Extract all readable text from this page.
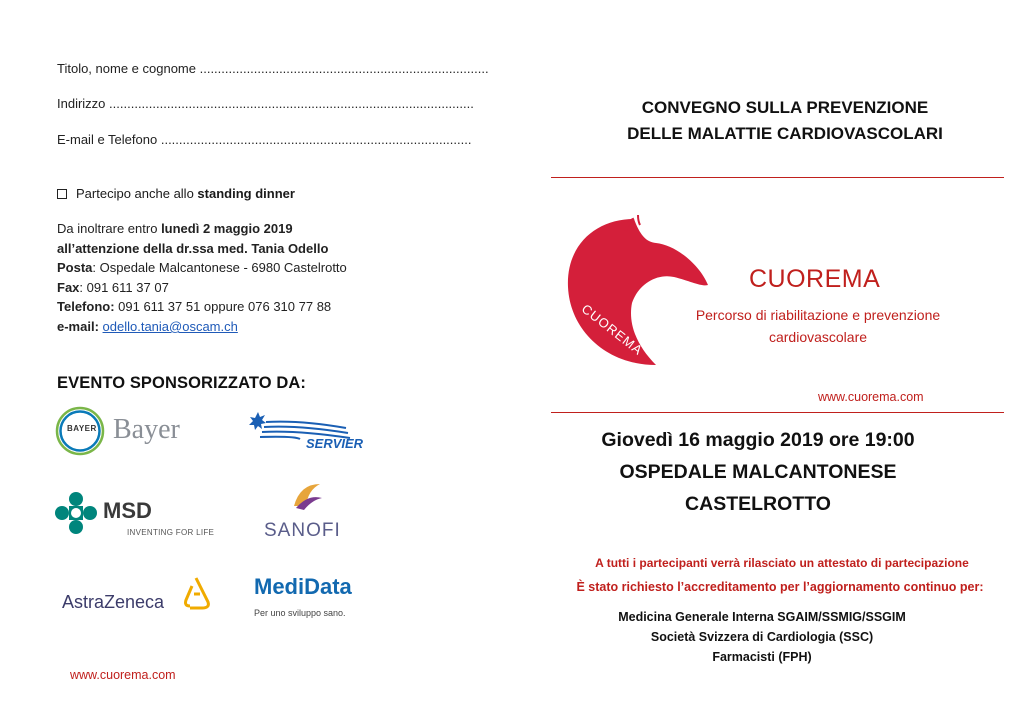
Titolo, nome e cognome ................................................................................
Indirizzo .....................................................................................................
E-mail e Telefono ......................................................................................
Partecipo anche allo standing dinner
Da inoltrare entro lunedì 2 maggio 2019
all’attenzione della dr.ssa med. Tania Odello
Posta: Ospedale Malcantonese - 6980 Castelrotto
Fax: 091 611 37 07
Telefono: 091 611 37 51 oppure 076 310 77 88
e-mail: odello.tania@oscam.ch
EVENTO SPONSORIZZATO DA:
BAYER Bayer	SERVIER
MSD
INVENTING FOR LIFE	SANOFI
AstraZeneca
MediData
Per uno sviluppo sano.
www.cuorema.com
CONVEGNO SULLA PREVENZIONE
DELLE MALATTIE CARDIOVASCOLARI
CUOREMA
CUOREMA
Percorso di riabilitazione e prevenzione
cardiovascolare
www.cuorema.com
Giovedì 16 maggio 2019 ore 19:00
OSPEDALE MALCANTONESE
CASTELROTTO
A tutti i partecipanti verrà rilasciato un attestato di partecipazione
È stato richiesto l’accreditamento per l’aggiornamento continuo per:
Medicina Generale Interna SGAIM/SSMIG/SSGIM
Società Svizzera di Cardiologia (SSC)
Farmacisti (FPH)
